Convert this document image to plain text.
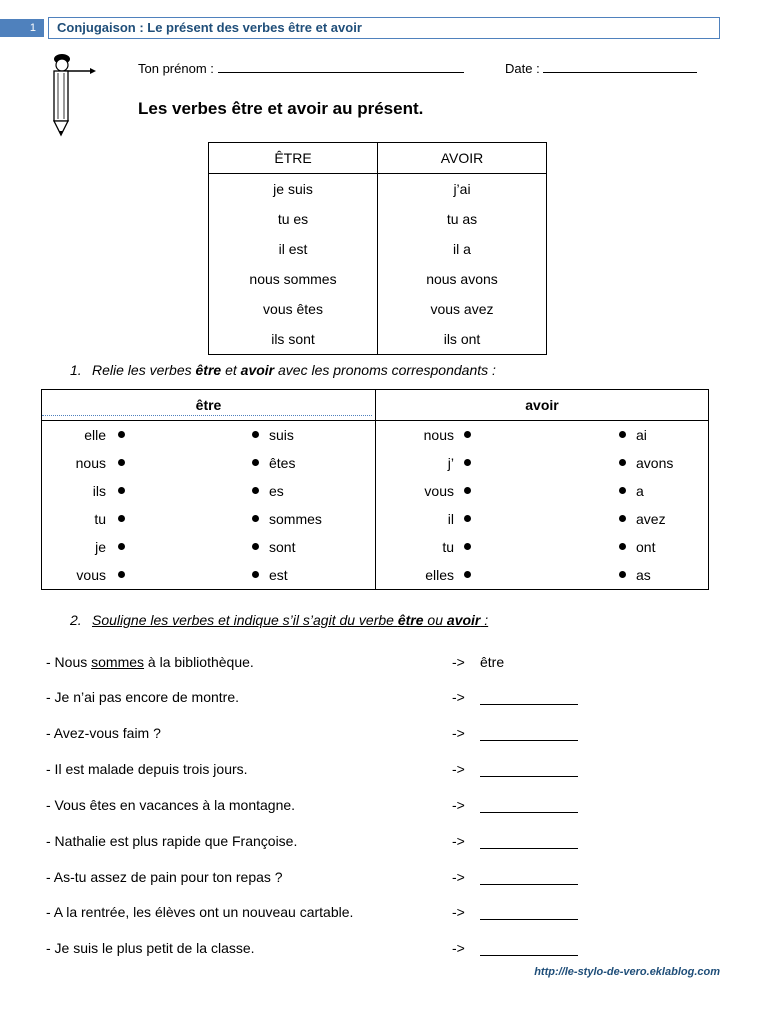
1	Conjugaison : Le présent des verbes être et avoir
Ton prénom :	Date :
Les verbes être et avoir au présent.
ÊTRE	AVOIR
je suis	j’ai
tu es	tu as
il est	il a
nous sommes	nous avons
vous êtes	vous avez
ils sont	ils ont
1. Relie les verbes être et avoir avec les pronoms correspondants :
être	avoir
elle	suis	nous	ai
nous	êtes	j’	avons
ils	es	vous	a
tu	sommes	il	avez
je	sont	tu	ont
vous	est	elles	as
2. Souligne les verbes et indique s’il s’agit du verbe être ou avoir :
- Nous sommes à la bibliothèque.	-> être
- Je n’ai pas encore de montre.	->
- Avez-vous faim ?	->
- Il est malade depuis trois jours.	->
- Vous êtes en vacances à la montagne.	->
- Nathalie est plus rapide que Françoise.	->
- As-tu assez de pain pour ton repas ?	->
- A la rentrée, les élèves ont un nouveau cartable.	->
- Je suis le plus petit de la classe.	->
http://le-stylo-de-vero.eklablog.com
